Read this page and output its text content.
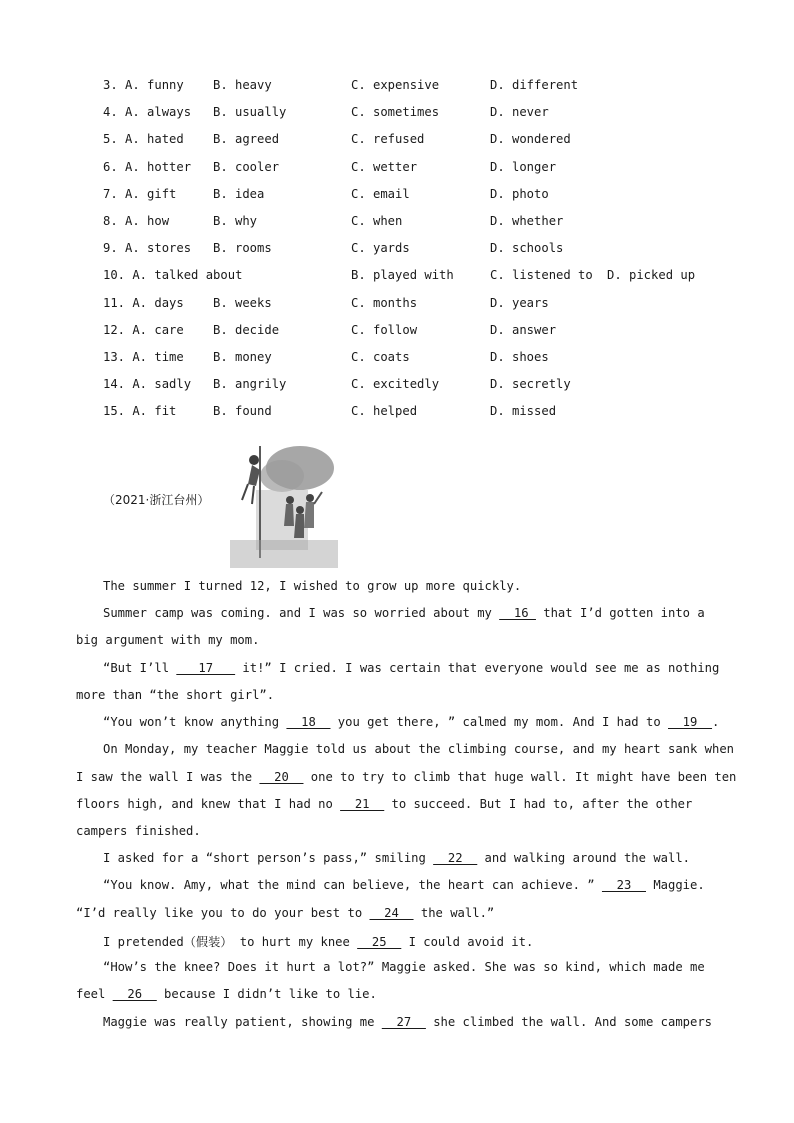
3. A. funny B. heavy	C. expensive	D. different
4. A. always B. usually	C. sometimes	D. never
5. A. hated B. agreed	C. refused	D. wondered
6. A. hotter B. cooler	C. wetter	D. longer
7. A. gift	B. idea	C. email	D. photo
8. A. how	B. why	C. when	D. whether
9. A. stores B. rooms	C. yards	D. schools
10. A. talked about	B. played with	C. listened to D. picked up
11. A. days B. weeks	C. months	D. years
12. A. care B. decide	C. follow	D. answer
13. A. time B. money	C. coats	D. shoes
14. A. sadly B. angrily	C. excitedly	D. secretly
15. A. fit	B. found	C. helped	D. missed
（2021·浙江台州）
The summer I turned 12, I wished to grow up more quickly.
Summer camp was coming. and I was so worried about my __16_ that I’d gotten into a
big argument with my mom.
“But I’ll ___17___ it!” I cried. I was certain that everyone would see me as nothing
more than “the short girl”.
“You won’t know anything __18__ you get there, ” calmed my mom. And I had to __19__.
On Monday, my teacher Maggie told us about the climbing course, and my heart sank when
I saw the wall I was the __20__ one to try to climb that huge wall. It might have been ten
floors high, and knew that I had no __21__ to succeed. But I had to, after the other
campers finished.
I asked for a “short person’s pass,” smiling __22__ and walking around the wall.
“You know. Amy, what the mind can believe, the heart can achieve. ” __23__ Maggie.
“I’d really like you to do your best to __24__ the wall.”
I pretended（假装） to hurt my knee __25__ I could avoid it.
“How’s the knee? Does it hurt a lot?” Maggie asked. She was so kind, which made me
feel __26__ because I didn’t like to lie.
Maggie was really patient, showing me __27__ she climbed the wall. And some campers
